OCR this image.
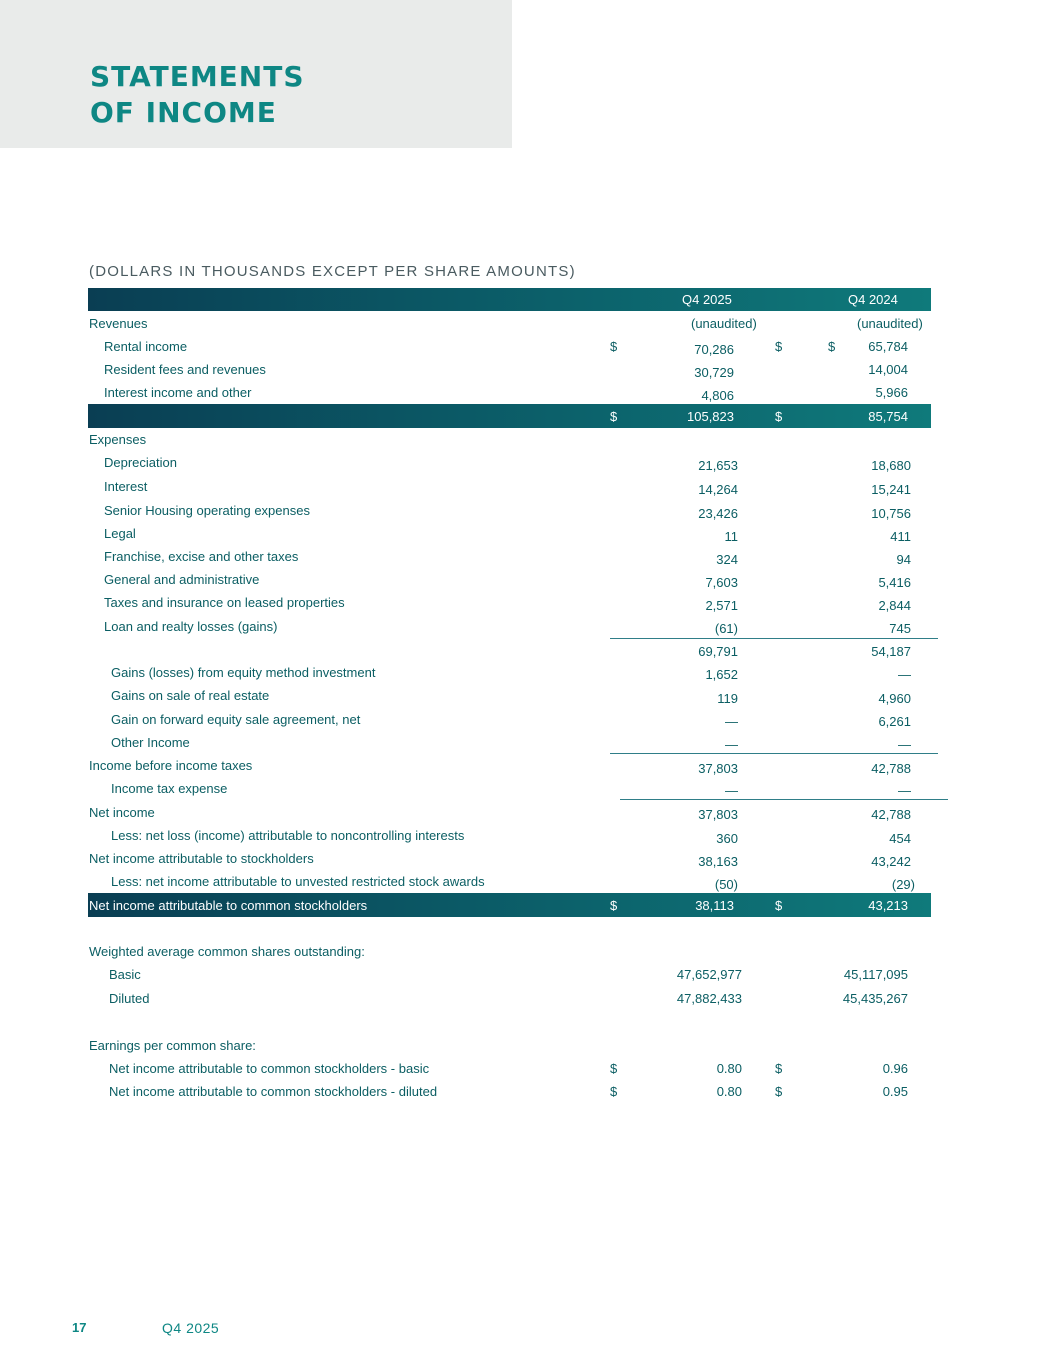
STATEMENTS
OF INCOME
(DOLLARS IN THOUSANDS EXCEPT PER SHARE AMOUNTS)
Q4 2025	Q4 2024
Revenues	(unaudited)	(unaudited)
Rental income	$	70,286	$	$	65,784
Resident fees and revenues	30,729	14,004
Interest income and other	4,806	5,966
$	105,823	$	85,754
Expenses
Depreciation	21,653	18,680
Interest	14,264	15,241
Senior Housing operating expenses	23,426	10,756
Legal	11	411
Franchise, excise and other taxes	324	94
General and administrative	7,603	5,416
Taxes and insurance on leased properties	2,571	2,844
Loan and realty losses (gains)	(61)	745
69,791	54,187
Gains (losses) from equity method investment	1,652	—
Gains on sale of real estate	119	4,960
Gain on forward equity sale agreement, net	—	6,261
Other Income	—	—
Income before income taxes	37,803	42,788
Income tax expense	—	—
Net income	37,803	42,788
Less: net loss (income) attributable to noncontrolling interests	360	454
Net income attributable to stockholders	38,163	43,242
Less: net income attributable to unvested restricted stock awards	(50)	(29)
Net income attributable to common stockholders	$	38,113	$	43,213
Weighted average common shares outstanding:
Basic	47,652,977	45,117,095
Diluted	47,882,433	45,435,267
Earnings per common share:
Net income attributable to common stockholders - basic	$	0.80	$	0.96
Net income attributable to common stockholders - diluted	$	0.80	$	0.95
17	Q4 2025
